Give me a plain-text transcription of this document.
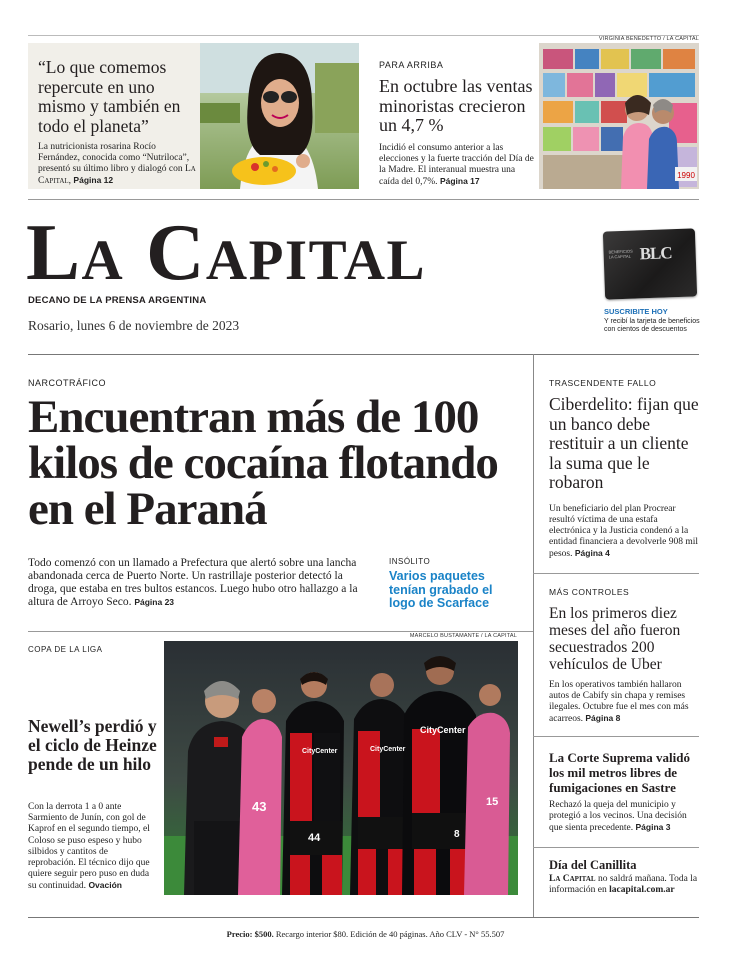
“Lo que comemos repercute en uno mismo y también en todo el planeta”
La nutricionista rosarina Rocío Fernández, conocida como “Nutriloca”, presentó su último libro y dialogó con La Capital, Página 12
PARA ARRIBA
En octubre las ventas minoristas crecieron un 4,7 %
Incidió el consumo anterior a las elecciones y la fuerte tracción del Día de la Madre. El interanual muestra una caída del 0,7%. Página 17
VIRGINIA BENEDETTO / LA CAPITAL
1990
La Capital
DECANO DE LA PRENSA ARGENTINA
Rosario, lunes 6 de noviembre de 2023
BENEFICIOS LA CAPITAL BLC
SUSCRIBITE HOY
Y recibí la tarjeta de beneficios con cientos de descuentos
NARCOTRÁFICO
Encuentran más de 100 kilos de cocaína flotando en el Paraná
Todo comenzó con un llamado a Prefectura que alertó sobre una lancha abandonada cerca de Puerto Norte. Un rastrillaje posterior detectó la droga, que estaba en tres bultos estancos. Luego hubo otro hallazgo a la altura de Arroyo Seco. Página 23
INSÓLITO
Varios paquetes tenían grabado el logo de Scarface
COPA DE LA LIGA
MARCELO BUSTAMANTE / LA CAPITAL
CityCenter	CityCenter
CityCenter
43
44	8
15
Newell’s perdió y el ciclo de Heinze pende de un hilo
Con la derrota 1 a 0 ante Sarmiento de Junín, con gol de Kaprof en el segundo tiempo, el Coloso se puso espeso y hubo silbidos y cantitos de reprobación. El técnico dijo que quiere seguir pero puso en duda su continuidad. Ovación
TRASCENDENTE FALLO
Ciberdelito: fijan que un banco debe restituir a un cliente la suma que le robaron
Un beneficiario del plan Procrear resultó víctima de una estafa electrónica y la Justicia condenó a la entidad financiera a devolverle 908 mil pesos. Página 4
MÁS CONTROLES
En los primeros diez meses del año fueron secuestrados 200 vehículos de Uber
En los operativos también hallaron autos de Cabify sin chapa y remises ilegales. Octubre fue el mes con más acarreos. Página 8
La Corte Suprema validó los mil metros libres de fumigaciones en Sastre
Rechazó la queja del municipio y protegió a los vecinos. Una decisión que sienta precedente. Página 3
Día del Canillita
La Capital no saldrá mañana. Toda la información en lacapital.com.ar
Precio: $500. Recargo interior $80. Edición de 40 páginas. Año CLV - N° 55.507
